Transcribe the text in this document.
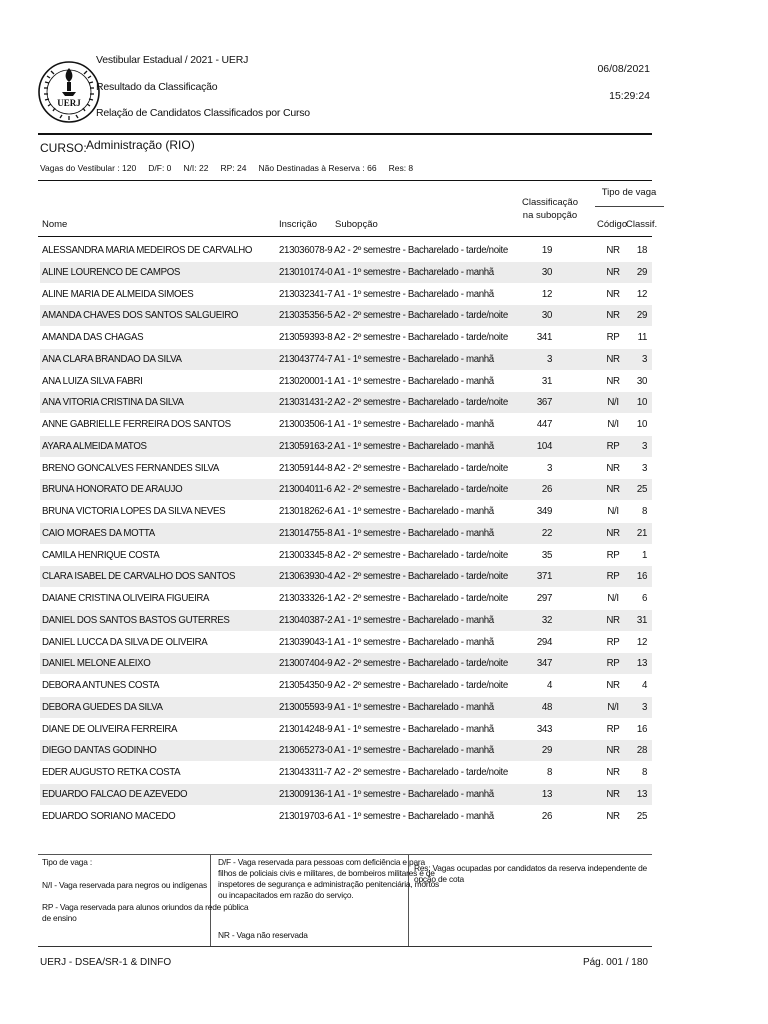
UERJ
Vestibular Estadual / 2021 - UERJ
Resultado da Classificação
Relação de Candidatos Classificados por Curso
06/08/2021
15:29:24
CURSO: Administração (RIO)
Vagas do Vestibular : 120 D/F: 0 N/I: 22 RP: 24 Não Destinadas à Reserva : 66 Res: 8
Nome	Inscrição Subopção
Classificação
na subopção
Tipo de vaga
Código
Classif.
ALESSANDRA MARIA MEDEIROS DE CARVALHO	213036078-9 A2 - 2º semestre - Bacharelado - tarde/noite	19	NR	18
ALINE LOURENCO DE CAMPOS	213010174-0 A1 - 1º semestre - Bacharelado - manhã	30	NR	29
ALINE MARIA DE ALMEIDA SIMOES	213032341-7 A1 - 1º semestre - Bacharelado - manhã	12	NR	12
AMANDA CHAVES DOS SANTOS SALGUEIRO	213035356-5 A2 - 2º semestre - Bacharelado - tarde/noite	30	NR	29
AMANDA DAS CHAGAS	213059393-8 A2 - 2º semestre - Bacharelado - tarde/noite	341	RP	11
ANA CLARA BRANDAO DA SILVA	213043774-7 A1 - 1º semestre - Bacharelado - manhã	3	NR	3
ANA LUIZA SILVA FABRI	213020001-1 A1 - 1º semestre - Bacharelado - manhã	31	NR	30
ANA VITORIA CRISTINA DA SILVA	213031431-2 A2 - 2º semestre - Bacharelado - tarde/noite	367	N/I	10
ANNE GABRIELLE FERREIRA DOS SANTOS	213003506-1 A1 - 1º semestre - Bacharelado - manhã	447	N/I	10
AYARA ALMEIDA MATOS	213059163-2 A1 - 1º semestre - Bacharelado - manhã	104	RP	3
BRENO GONCALVES FERNANDES SILVA	213059144-8 A2 - 2º semestre - Bacharelado - tarde/noite	3	NR	3
BRUNA HONORATO DE ARAUJO	213004011-6 A2 - 2º semestre - Bacharelado - tarde/noite	26	NR	25
BRUNA VICTORIA LOPES DA SILVA NEVES	213018262-6 A1 - 1º semestre - Bacharelado - manhã	349	N/I	8
CAIO MORAES DA MOTTA	213014755-8 A1 - 1º semestre - Bacharelado - manhã	22	NR	21
CAMILA HENRIQUE COSTA	213003345-8 A2 - 2º semestre - Bacharelado - tarde/noite	35	RP	1
CLARA ISABEL DE CARVALHO DOS SANTOS	213063930-4 A2 - 2º semestre - Bacharelado - tarde/noite	371	RP	16
DAIANE CRISTINA OLIVEIRA FIGUEIRA	213033326-1 A2 - 2º semestre - Bacharelado - tarde/noite	297	N/I	6
DANIEL DOS SANTOS BASTOS GUTERRES	213040387-2 A1 - 1º semestre - Bacharelado - manhã	32	NR	31
DANIEL LUCCA DA SILVA DE OLIVEIRA	213039043-1 A1 - 1º semestre - Bacharelado - manhã	294	RP	12
DANIEL MELONE ALEIXO	213007404-9 A2 - 2º semestre - Bacharelado - tarde/noite	347	RP	13
DEBORA ANTUNES COSTA	213054350-9 A2 - 2º semestre - Bacharelado - tarde/noite	4	NR	4
DEBORA GUEDES DA SILVA	213005593-9 A1 - 1º semestre - Bacharelado - manhã	48	N/I	3
DIANE DE OLIVEIRA FERREIRA	213014248-9 A1 - 1º semestre - Bacharelado - manhã	343	RP	16
DIEGO DANTAS GODINHO	213065273-0 A1 - 1º semestre - Bacharelado - manhã	29	NR	28
EDER AUGUSTO RETKA COSTA	213043311-7 A2 - 2º semestre - Bacharelado - tarde/noite	8	NR	8
EDUARDO FALCAO DE AZEVEDO	213009136-1 A1 - 1º semestre - Bacharelado - manhã	13	NR	13
EDUARDO SORIANO MACEDO	213019703-6 A1 - 1º semestre - Bacharelado - manhã	26	NR	25
Tipo de vaga :
N/I - Vaga reservada para negros ou indígenas
RP - Vaga reservada para alunos oriundos da rede pública
de ensino
D/F - Vaga reservada para pessoas com deficiência e para
filhos de policiais civis e militares, de bombeiros militares e de
inspetores de segurança e administração penitenciária, mortos
ou incapacitados em razão do serviço.
NR - Vaga não reservada
Res: Vagas ocupadas por candidatos da reserva independente de
opção de cota
UERJ - DSEA/SR-1 & DINFO	Pág. 001 / 180
